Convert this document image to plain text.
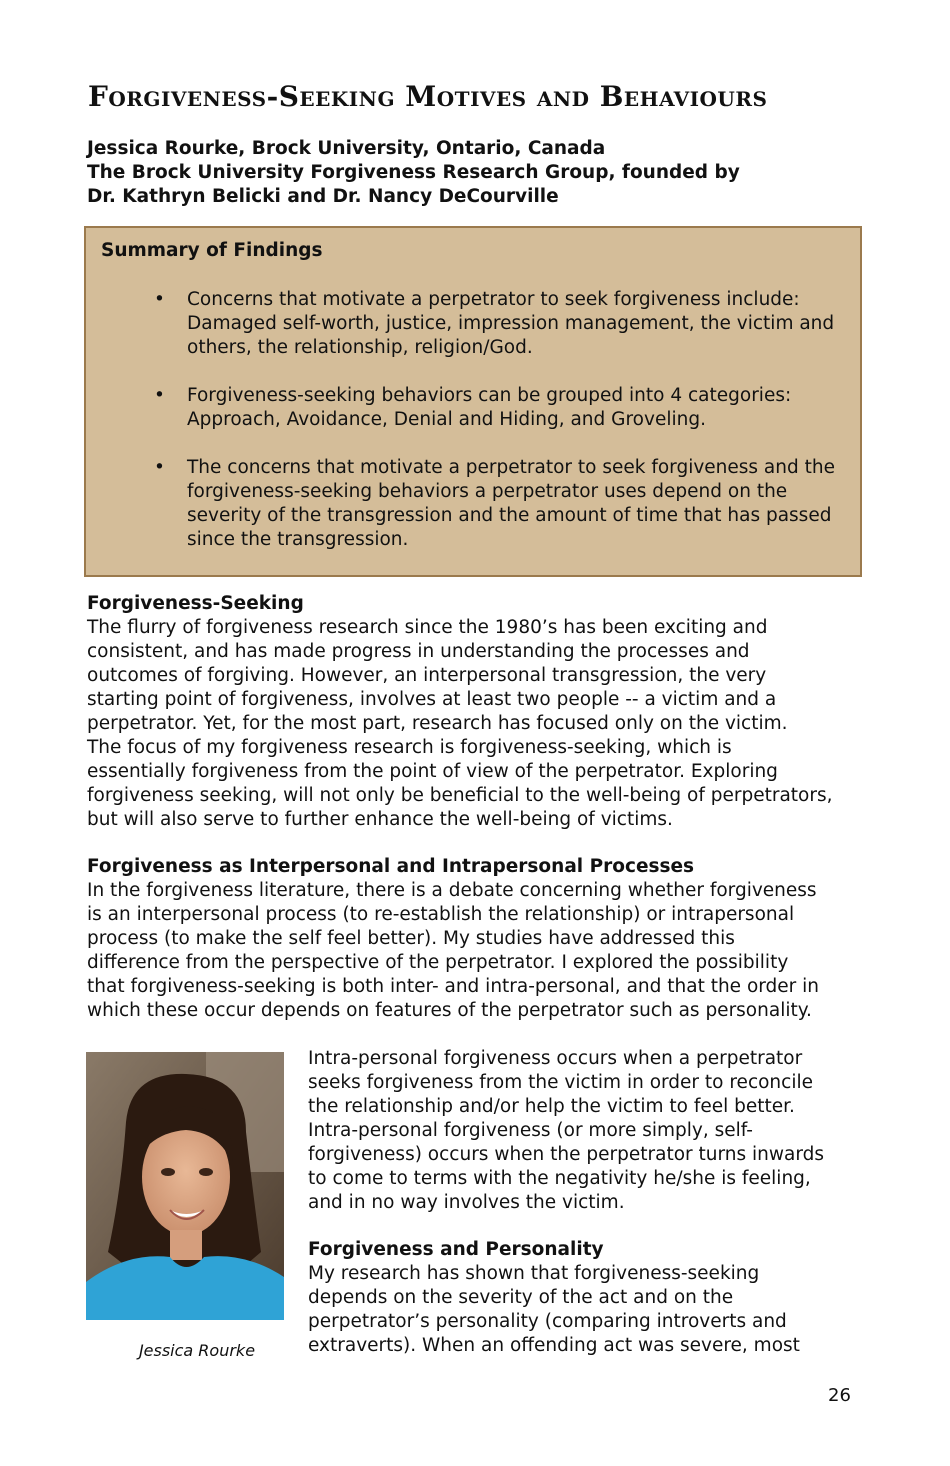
Forgiveness-Seeking Motives and Behaviours
Jessica Rourke, Brock University, Ontario, Canada
The Brock University Forgiveness Research Group, founded by
Dr. Kathryn Belicki and Dr. Nancy DeCourville
Summary of Findings
• Concerns that motivate a perpetrator to seek forgiveness include: Damaged self-worth, justice, impression management, the victim and others, the relationship, religion/God.
• Forgiveness-seeking behaviors can be grouped into 4 categories: Approach, Avoidance, Denial and Hiding, and Groveling.
• The concerns that motivate a perpetrator to seek forgiveness and the forgiveness-seeking behaviors a perpetrator uses depend on the severity of the transgression and the amount of time that has passed since the transgression.
Forgiveness-Seeking

The flurry of forgiveness research since the 1980’s has been exciting and
consistent, and has made progress in understanding the processes and
outcomes of forgiving. However, an interpersonal transgression, the very
starting point of forgiveness, involves at least two people -- a victim and a
perpetrator. Yet, for the most part, research has focused only on the victim.
The focus of my forgiveness research is forgiveness-seeking, which is
essentially forgiveness from the point of view of the perpetrator. Exploring
forgiveness seeking, will not only be beneficial to the well-being of perpetrators,
but will also serve to further enhance the well-being of victims.

Forgiveness as Interpersonal and Intrapersonal Processes

In the forgiveness literature, there is a debate concerning whether forgiveness
is an interpersonal process (to re-establish the relationship) or intrapersonal
process (to make the self feel better). My studies have addressed this
difference from the perspective of the perpetrator. I explored the possibility
that forgiveness-seeking is both inter- and intra-personal, and that the order in
which these occur depends on features of the perpetrator such as personality.

Jessica Rourke

Intra-personal forgiveness occurs when a perpetrator
seeks forgiveness from the victim in order to reconcile
the relationship and/or help the victim to feel better.
Intra-personal forgiveness (or more simply, self-
forgiveness) occurs when the perpetrator turns inwards
to come to terms with the negativity he/she is feeling,
and in no way involves the victim.

Forgiveness and Personality

My research has shown that forgiveness-seeking
depends on the severity of the act and on the
perpetrator’s personality (comparing introverts and
extraverts). When an offending act was severe, most

26
